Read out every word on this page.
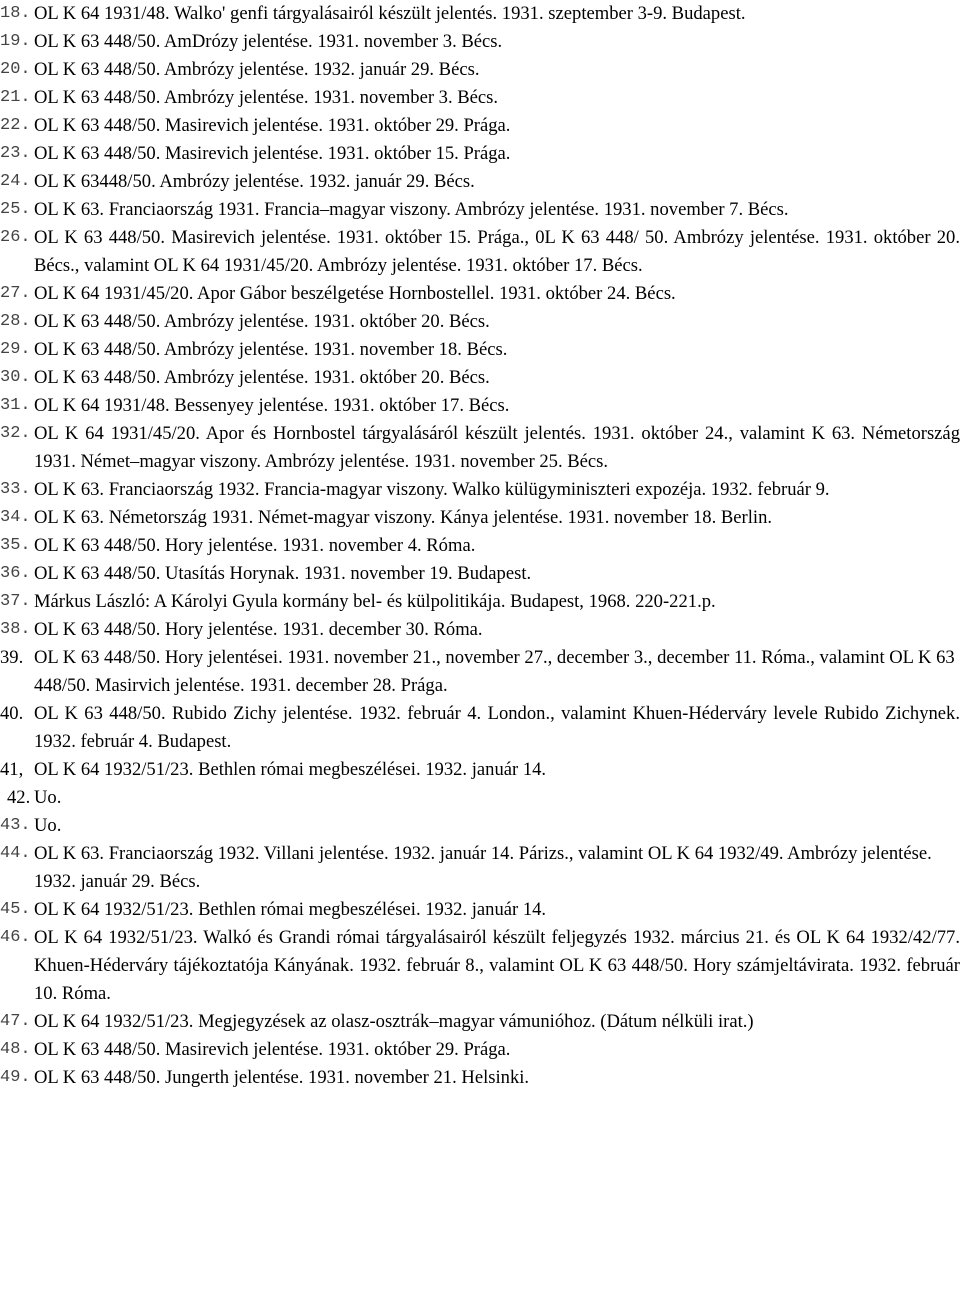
18. OL K 64 1931/48. Walko' genfi tárgyalásairól készült jelentés. 1931. szeptember 3-9. Budapest.

19. OL K 63 448/50. AmDrózy jelentése. 1931. november 3. Bécs.

20. OL K 63 448/50. Ambrózy jelentése. 1932. január 29. Bécs.

21. OL K 63 448/50. Ambrózy jelentése. 1931. november 3. Bécs.

22. OL K 63 448/50. Masirevich jelentése. 1931. október 29. Prága.

23. OL K 63 448/50. Masirevich jelentése. 1931. október 15. Prága.

24. OL K 63448/50. Ambrózy jelentése. 1932. január 29. Bécs.

25. OL K 63. Franciaország 1931. Francia–magyar viszony. Ambrózy jelentése. 1931. november 7. Bécs.

26. OL K 63 448/50. Masirevich jelentése. 1931. október 15. Prága., 0L K 63 448/ 50. Ambrózy jelentése. 1931. október 20. Bécs., valamint OL K 64 1931/45/20. Ambrózy jelentése. 1931. október 17. Bécs.

27. OL K 64 1931/45/20. Apor Gábor beszélgetése Hornbostellel. 1931. október 24. Bécs.

28. OL K 63 448/50. Ambrózy jelentése. 1931. október 20. Bécs.

29. OL K 63 448/50. Ambrózy jelentése. 1931. november 18. Bécs.

30. OL K 63 448/50. Ambrózy jelentése. 1931. október 20. Bécs.

31. OL K 64 1931/48. Bessenyey jelentése. 1931. október 17. Bécs.

32. OL K 64 1931/45/20. Apor és Hornbostel tárgyalásáról készült jelentés. 1931. október 24., valamint K 63. Németország 1931. Német–magyar viszony. Ambrózy jelentése. 1931. november 25. Bécs.

33. OL K 63. Franciaország 1932. Francia-magyar viszony. Walko külügyminiszteri expozéja. 1932. február 9.

34. OL K 63. Németország 1931. Német-magyar viszony. Kánya jelentése. 1931. november 18. Berlin.

35. OL K 63 448/50. Hory jelentése. 1931. november 4. Róma.

36. OL K 63 448/50. Utasítás Horynak. 1931. november 19. Budapest.

37. Márkus László: A Károlyi Gyula kormány bel- és külpolitikája. Budapest, 1968. 220-221.p.

38. OL K 63 448/50. Hory jelentése. 1931. december 30. Róma.

39. OL K 63 448/50. Hory jelentései. 1931. november 21., november 27., december 3., december 11. Róma., valamint OL K 63 448/50. Masirvich jelentése. 1931. december 28. Prága.

40. OL K 63 448/50. Rubido Zichy jelentése. 1932. február 4. London., valamint Khuen-Héderváry levele Rubido Zichynek. 1932. február 4. Budapest.

41, OL K 64 1932/51/23. Bethlen római megbeszélései. 1932. január 14.

42. Uo.

43. Uo.

44. OL K 63. Franciaország 1932. Villani jelentése. 1932. január 14. Párizs., valamint OL K 64 1932/49. Ambrózy jelentése. 1932. január 29. Bécs.

45. OL K 64 1932/51/23. Bethlen római megbeszélései. 1932. január 14.

46. OL K 64 1932/51/23. Walkó és Grandi római tárgyalásairól készült feljegyzés 1932. március 21. és OL K 64 1932/42/77. Khuen-Héderváry tájékoztatója Kányának. 1932. február 8., valamint OL K 63 448/50. Hory számjeltávirata. 1932. február 10. Róma.

47. OL K 64 1932/51/23. Megjegyzések az olasz-osztrák–magyar vámunióhoz. (Dátum nélküli irat.)

48. OL K 63 448/50. Masirevich jelentése. 1931. október 29. Prága.

49. OL K 63 448/50. Jungerth jelentése. 1931. november 21. Helsinki.
